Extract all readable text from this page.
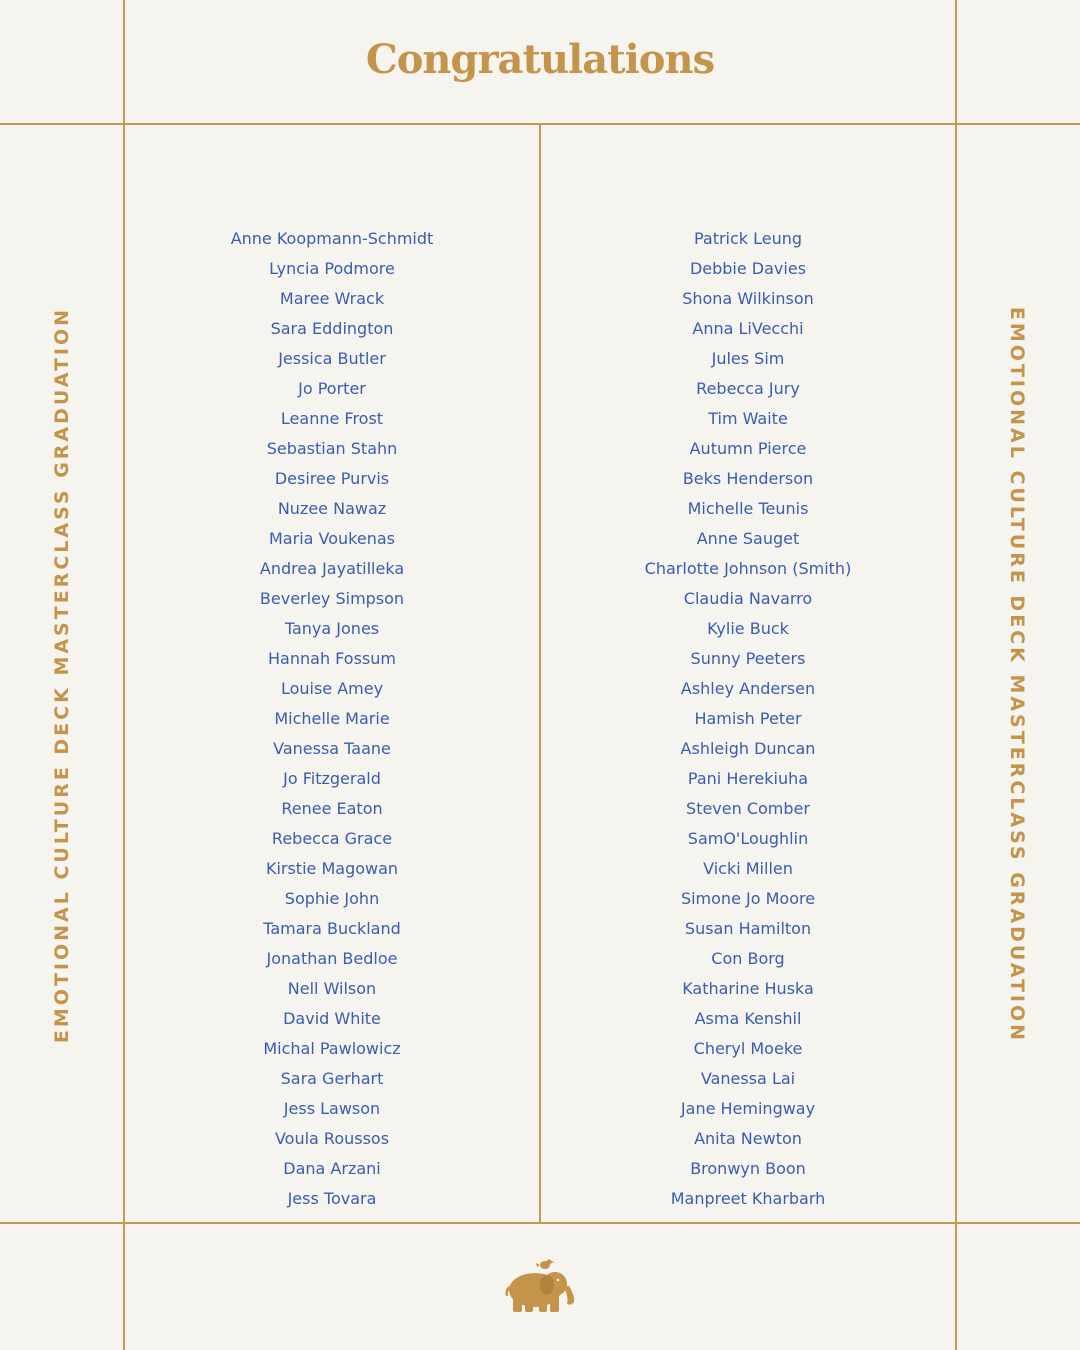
Congratulations
EMOTIONAL CULTURE DECK MASTERCLASS GRADUATION	EMOTIONAL CULTURE DECK MASTERCLASS GRADUATION
Anne Koopmann-Schmidt
Lyncia Podmore
Maree Wrack
Sara Eddington
Jessica Butler
Jo Porter
Leanne Frost
Sebastian Stahn
Desiree Purvis
Nuzee Nawaz
Maria Voukenas
Andrea Jayatilleka
Beverley Simpson
Tanya Jones
Hannah Fossum
Louise Amey
Michelle Marie
Vanessa Taane
Jo Fitzgerald
Renee Eaton
Rebecca Grace
Kirstie Magowan
Sophie John
Tamara Buckland
Jonathan Bedloe
Nell Wilson
David White
Michal Pawlowicz
Sara Gerhart
Jess Lawson
Voula Roussos
Dana Arzani
Jess Tovara
Patrick Leung
Debbie Davies
Shona Wilkinson
Anna LiVecchi
Jules Sim
Rebecca Jury
Tim Waite
Autumn Pierce
Beks Henderson
Michelle Teunis
Anne Sauget
Charlotte Johnson (Smith)
Claudia Navarro
Kylie Buck
Sunny Peeters
Ashley Andersen
Hamish Peter
Ashleigh Duncan
Pani Herekiuha
Steven Comber
SamO'Loughlin
Vicki Millen
Simone Jo Moore
Susan Hamilton
Con Borg
Katharine Huska
Asma Kenshil
Cheryl Moeke
Vanessa Lai
Jane Hemingway
Anita Newton
Bronwyn Boon
Manpreet Kharbarh
